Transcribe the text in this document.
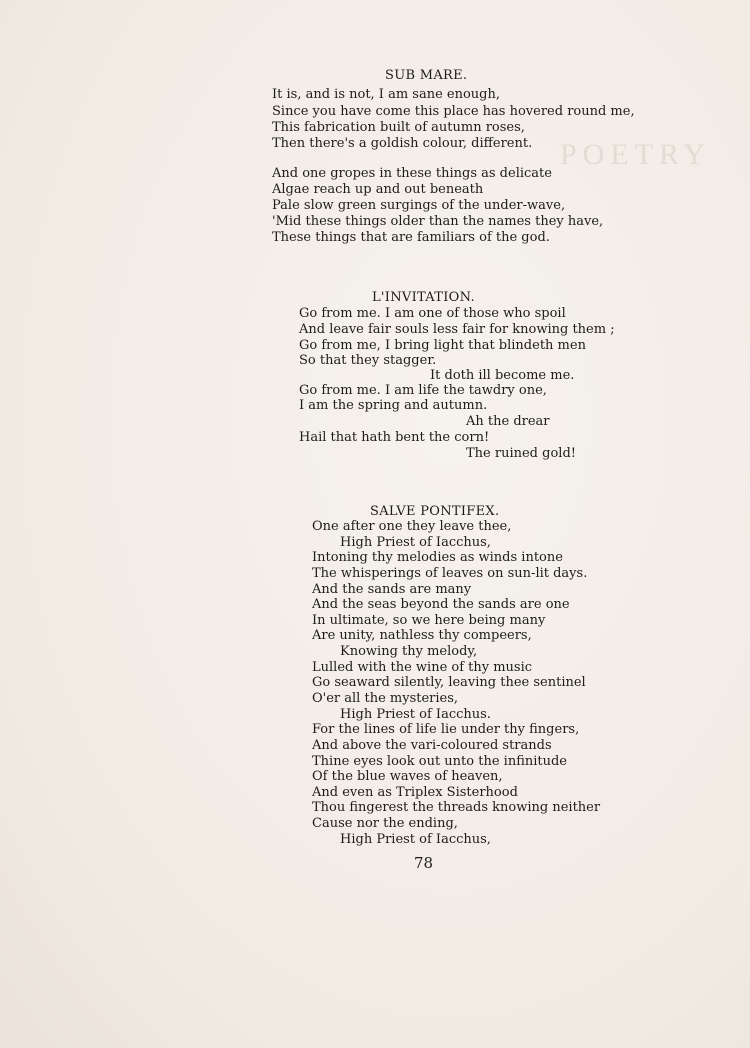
POETRY
SUB MARE.
It is, and is not, I am sane enough,
Since you have come this place has hovered round me,
This fabrication built of autumn roses,
Then there's a goldish colour, different.
And one gropes in these things as delicate
Algae reach up and out beneath
Pale slow green surgings of the under-wave,
'Mid these things older than the names they have,
These things that are familiars of the god.
L'INVITATION.
Go from me. I am one of those who spoil
And leave fair souls less fair for knowing them ;
Go from me, I bring light that blindeth men
So that they stagger.
It doth ill become me.
Go from me. I am life the tawdry one,
I am the spring and autumn.
Ah the drear
Hail that hath bent the corn!
The ruined gold!
SALVE PONTIFEX.
One after one they leave thee,
High Priest of Iacchus,
Intoning thy melodies as winds intone
The whisperings of leaves on sun-lit days.
And the sands are many
And the seas beyond the sands are one
In ultimate, so we here being many
Are unity, nathless thy compeers,
Knowing thy melody,
Lulled with the wine of thy music
Go seaward silently, leaving thee sentinel
O'er all the mysteries,
High Priest of Iacchus.
For the lines of life lie under thy fingers,
And above the vari-coloured strands
Thine eyes look out unto the infinitude
Of the blue waves of heaven,
And even as Triplex Sisterhood
Thou fingerest the threads knowing neither
Cause nor the ending,
High Priest of Iacchus,
78
